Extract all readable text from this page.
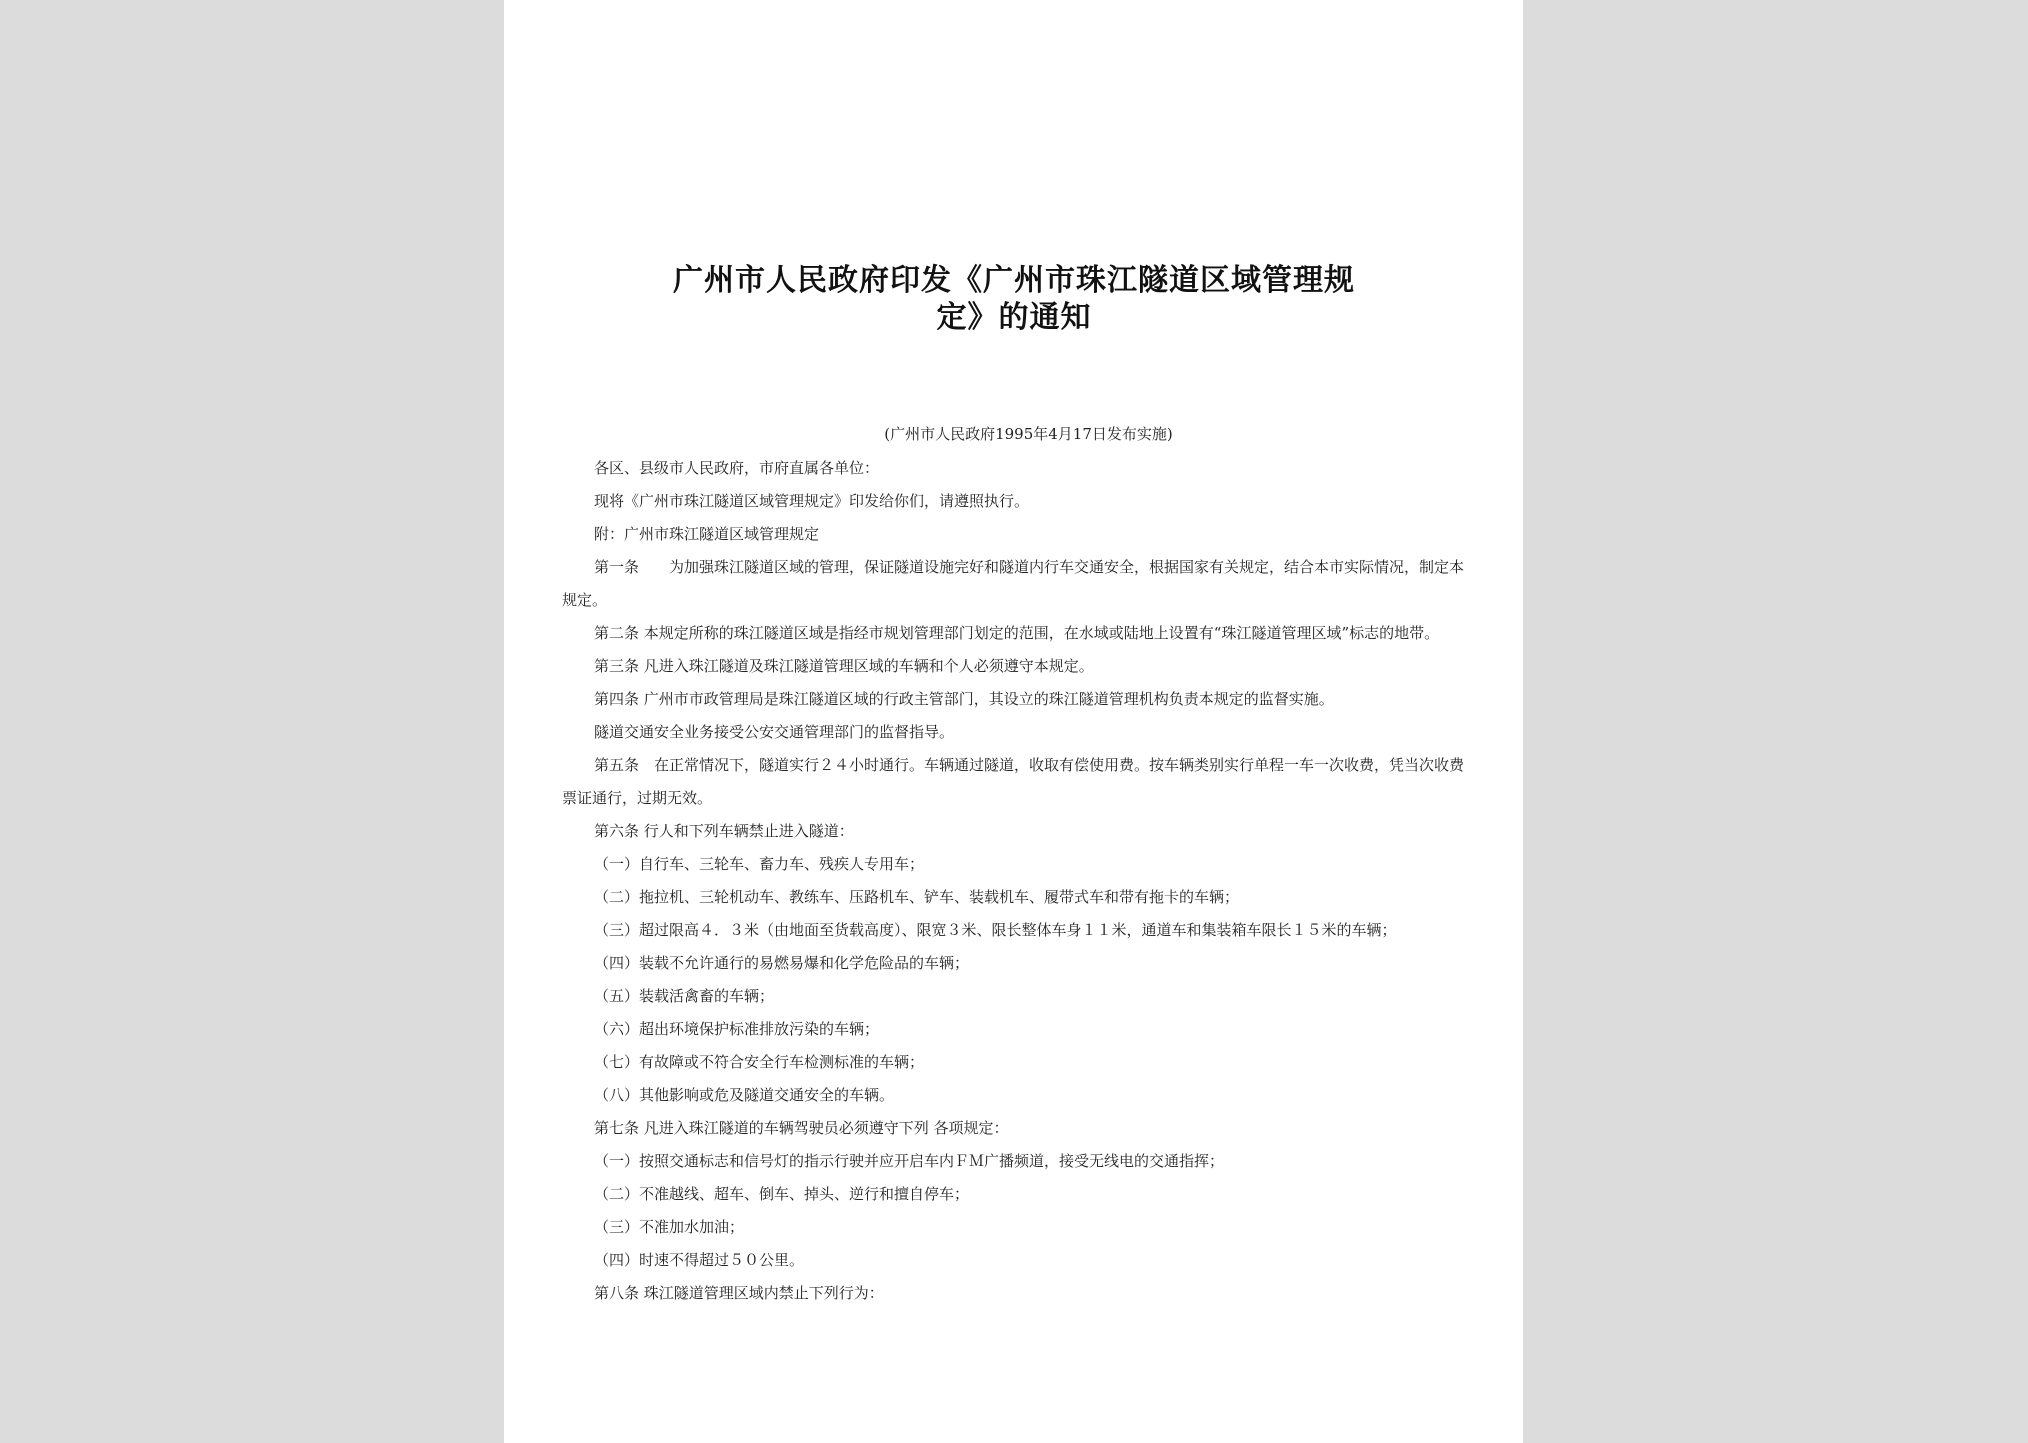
广州市人民政府印发《广州市珠江隧道区域管理规
定》的通知
(广州市人民政府1995年4月17日发布实施)

各区、县级市人民政府，市府直属各单位：

现将《广州市珠江隧道区域管理规定》印发给你们，请遵照执行。

附：广州市珠江隧道区域管理规定

第一条　　为加强珠江隧道区域的管理，保证隧道设施完好和隧道内行车交通安全，根据国家有关规定，结合本市实际情况，制定本规定。

第二条 本规定所称的珠江隧道区域是指经市规划管理部门划定的范围，在水域或陆地上设置有“珠江隧道管理区域”标志的地带。

第三条 凡进入珠江隧道及珠江隧道管理区域的车辆和个人必须遵守本规定。

第四条 广州市市政管理局是珠江隧道区域的行政主管部门，其设立的珠江隧道管理机构负责本规定的监督实施。

隧道交通安全业务接受公安交通管理部门的监督指导。

第五条　在正常情况下，隧道实行２４小时通行。车辆通过隧道，收取有偿使用费。按车辆类别实行单程一车一次收费，凭当次收费票证通行，过期无效。

第六条 行人和下列车辆禁止进入隧道：

（一）自行车、三轮车、畜力车、残疾人专用车；

（二）拖拉机、三轮机动车、教练车、压路机车、铲车、装载机车、履带式车和带有拖卡的车辆；

（三）超过限高４．３米（由地面至货载高度）、限宽３米、限长整体车身１１米，通道车和集装箱车限长１５米的车辆；

（四）装载不允许通行的易燃易爆和化学危险品的车辆；

（五）装载活禽畜的车辆；

（六）超出环境保护标准排放污染的车辆；

（七）有故障或不符合安全行车检测标准的车辆；

（八）其他影响或危及隧道交通安全的车辆。

第七条 凡进入珠江隧道的车辆驾驶员必须遵守下列 各项规定：

（一）按照交通标志和信号灯的指示行驶并应开启车内ＦＭ广播频道，接受无线电的交通指挥；

（二）不准越线、超车、倒车、掉头、逆行和擅自停车；

（三）不准加水加油；

（四）时速不得超过５０公里。

第八条 珠江隧道管理区域内禁止下列行为：
